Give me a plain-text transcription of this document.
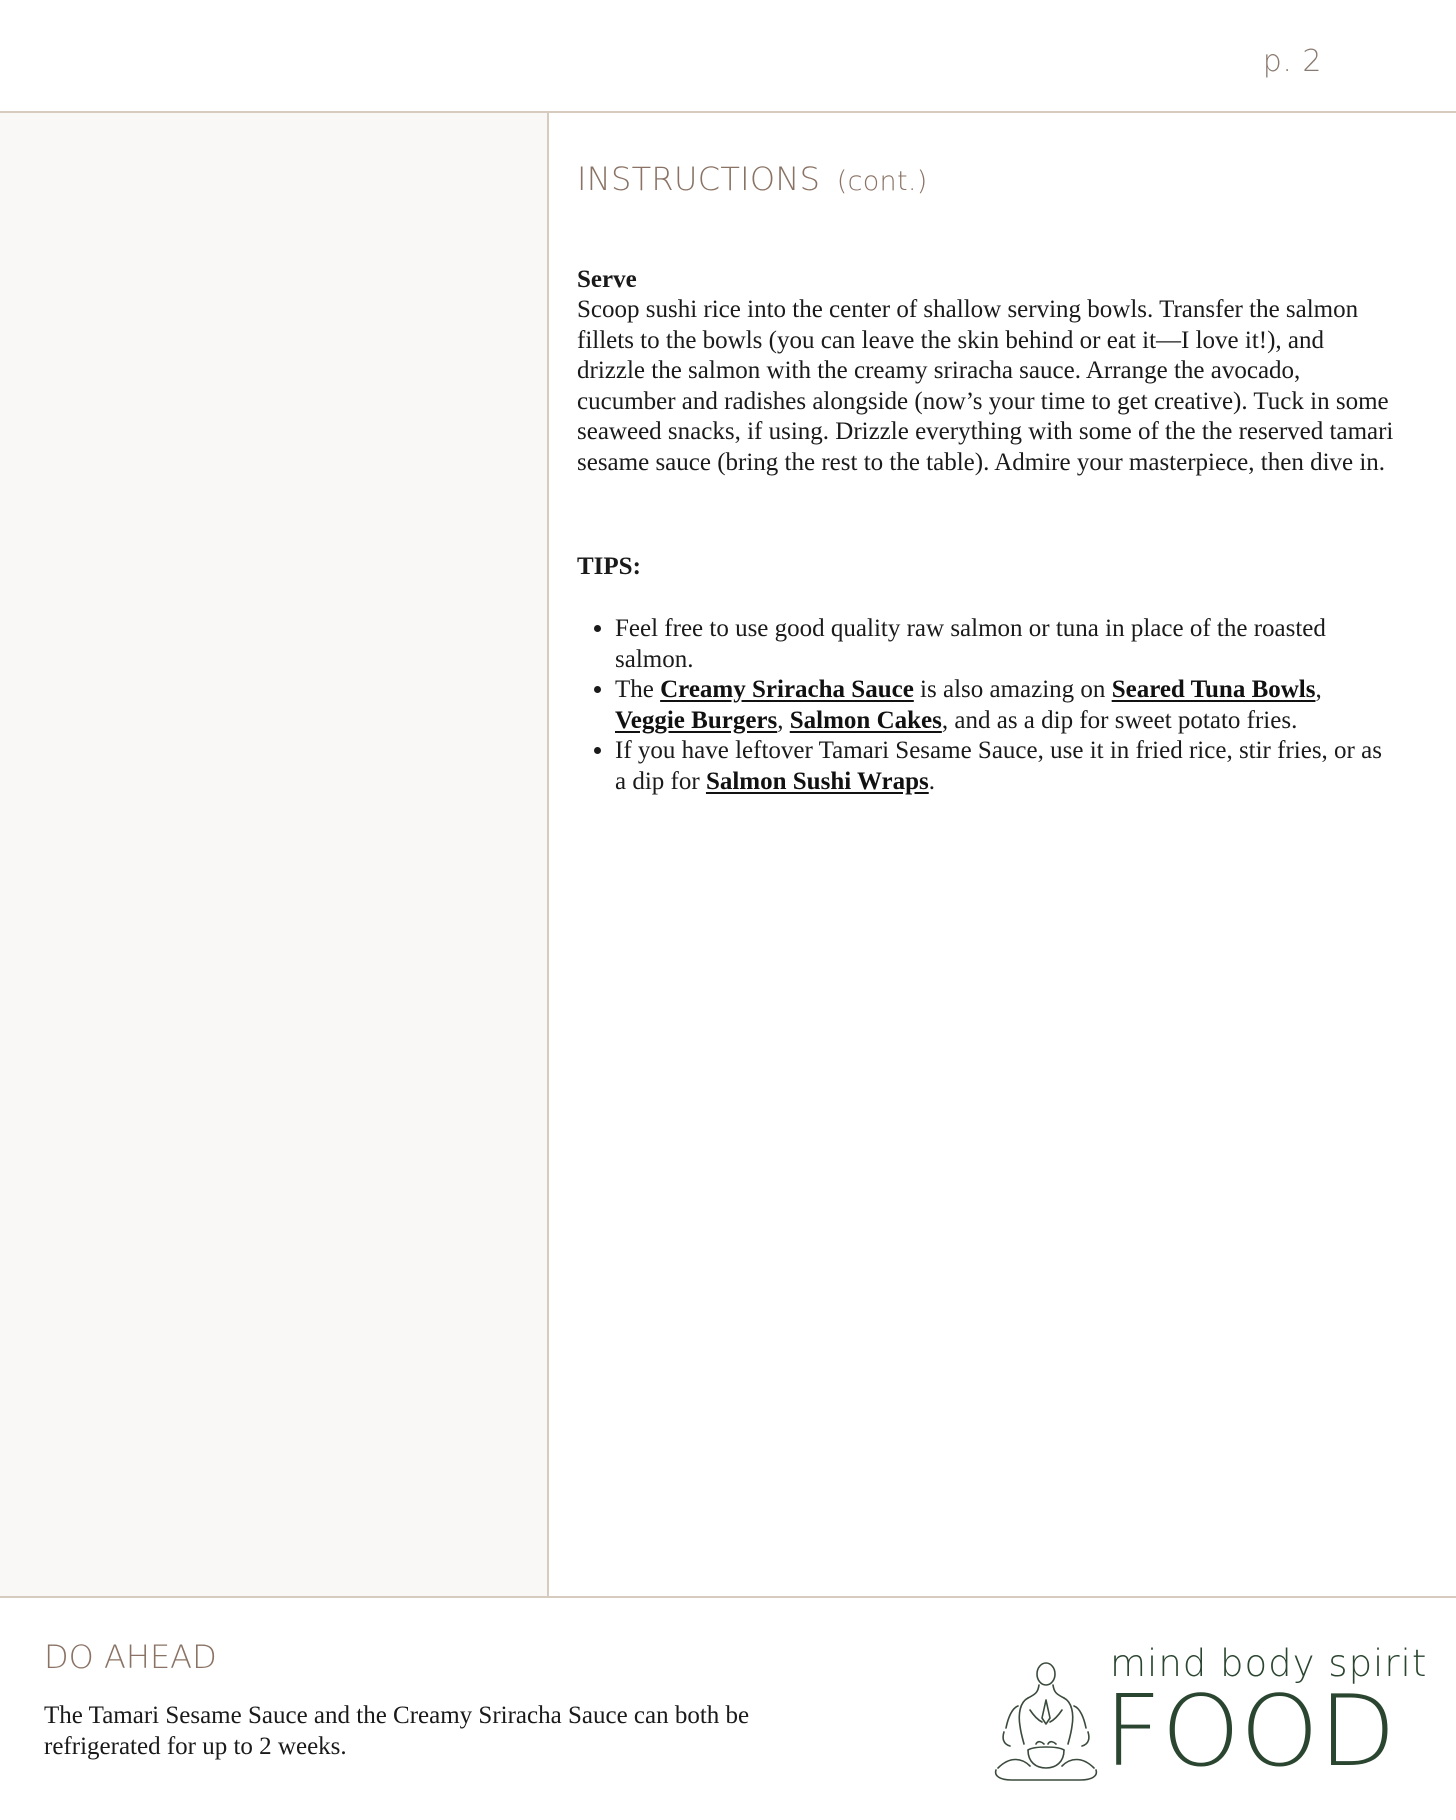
p. 2
INSTRUCTIONS (cont.)

Serve

Scoop sushi rice into the center of shallow serving bowls. Transfer the salmon fillets to the bowls (you can leave the skin behind or eat it—I love it!), and drizzle the salmon with the creamy sriracha sauce. Arrange the avocado, cucumber and radishes alongside (now’s your time to get creative). Tuck in some seaweed snacks, if using. Drizzle everything with some of the the reserved tamari sesame sauce (bring the rest to the table). Admire your masterpiece, then dive in.

TIPS:

• Feel free to use good quality raw salmon or tuna in place of the roasted salmon.
• The Creamy Sriracha Sauce is also amazing on Seared Tuna Bowls, Veggie Burgers, Salmon Cakes, and as a dip for sweet potato fries.
• If you have leftover Tamari Sesame Sauce, use it in fried rice, stir fries, or as a dip for Salmon Sushi Wraps.
DO AHEAD

The Tamari Sesame Sauce and the Creamy Sriracha Sauce can both be refrigerated for up to 2 weeks.

mind body spirit
FOOD
